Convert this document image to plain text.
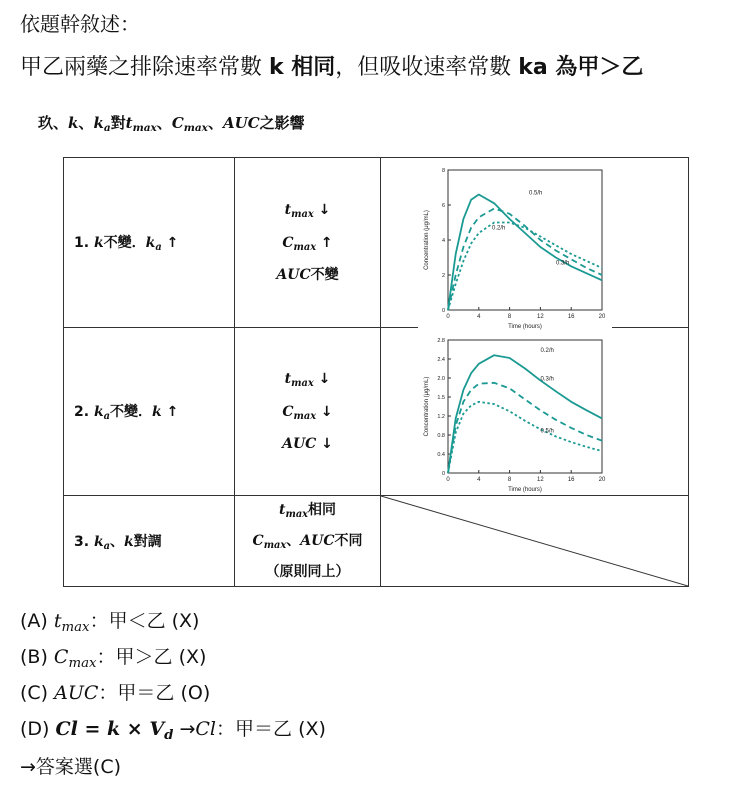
依題幹敘述：
甲乙兩藥之排除速率常數 k 相同，但吸收速率常數 ka 為甲＞乙
玖、k、$k_a$對$t_{max}$、$C_{max}$、AUC之影響
1. k不變．$k_a$ ↑	$t_{max}$ ↓
$C_{max}$ ↑
AUC不變	

2. $k_a$不變．k ↑	$t_{max}$ ↓
$C_{max}$ ↓
AUC ↓	

3. $k_a$、k對調	$t_{max}$相同
$C_{max}$、AUC不同
（原則同上）

0	4	8	12	16	20
0
2
4
6
8
Time (hours)
Concentration (μg/mL)
0.5/h
0.2/h
0.3/h
0	4	8	12	16	20
0
0.4
0.8
1.2
1.5
2.0
2.4
2.8
Time (hours)
Concentration (μg/mL)
0.2/h
0.3/h
0.5/h
(A) $t_{max}$：甲＜乙 (X)
(B) $C_{max}$：甲＞乙 (X)
(C) AUC：甲＝乙 (O)
(D) $Cl = k \times V_d \to Cl$：甲＝乙 (X)
→答案選(C)
